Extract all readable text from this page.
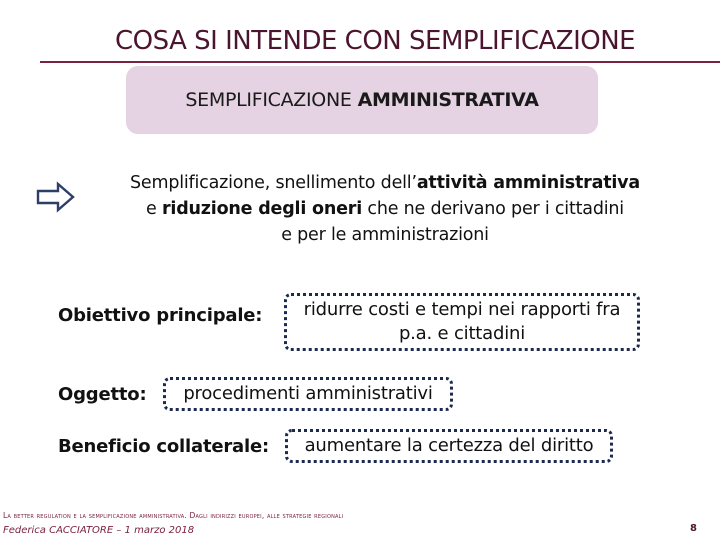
COSA SI INTENDE CON SEMPLIFICAZIONE
SEMPLIFICAZIONE AMMINISTRATIVA
Semplificazione, snellimento dell’attività amministrativa
e riduzione degli oneri che ne derivano per i cittadini
e per le amministrazioni
Obiettivo principale:	ridurre costi e tempi nei rapporti fra
p.a. e cittadini
Oggetto:	procedimenti amministrativi
Beneficio collaterale:	aumentare la certezza del diritto
La better regulation e la semplificazione amministrativa. Dagli indirizzi europei, alle strategie regionali
Federica CACCIATORE – 1 marzo 2018	8
